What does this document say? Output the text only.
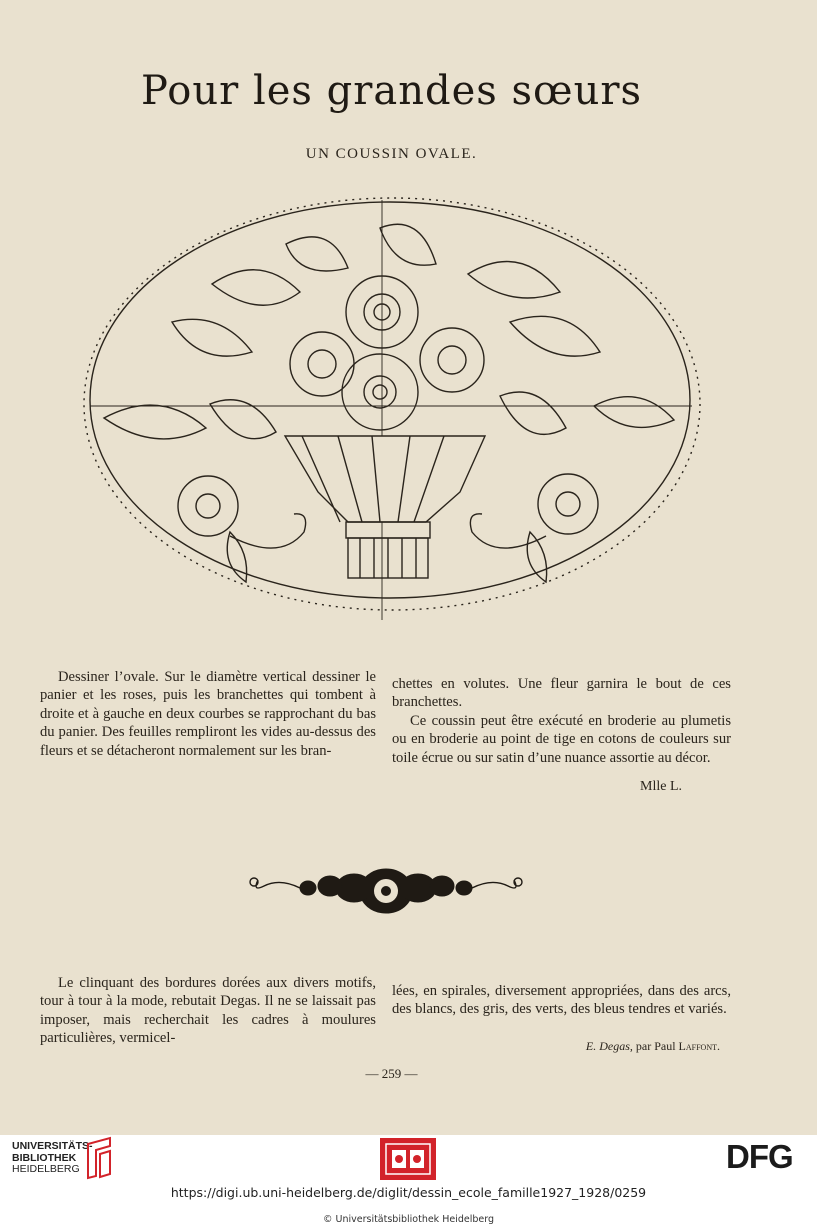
Pour les grandes sœurs
UN COUSSIN OVALE.

Dessiner l’ovale. Sur le diamètre vertical dessiner le panier et les roses, puis les branchettes qui tombent à droite et à gauche en deux courbes se rapprochant du bas du panier. Des feuilles rempliront les vides au-dessus des fleurs et se détacheront normalement sur les bran-

chettes en volutes. Une fleur garnira le bout de ces branchettes.

Ce coussin peut être exécuté en broderie au plumetis ou en broderie au point de tige en cotons de couleurs sur toile écrue ou sur satin d’une nuance assortie au décor.

Mlle L.

Le clinquant des bordures dorées aux divers motifs, tour à tour à la mode, rebutait Degas. Il ne se laissait pas imposer, mais recherchait les cadres à moulures particulières, vermicel-

lées, en spirales, diversement appropriées, dans des arcs, des blancs, des gris, des verts, des bleus tendres et variés.

E. Degas, par Paul Laffont.
— 259 —
UNIVERSITÄTS-
BIBLIOTHEK
HEIDELBERG	DFG
https://digi.ub.uni-heidelberg.de/diglit/dessin_ecole_famille1927_1928/0259
© Universitätsbibliothek Heidelberg
